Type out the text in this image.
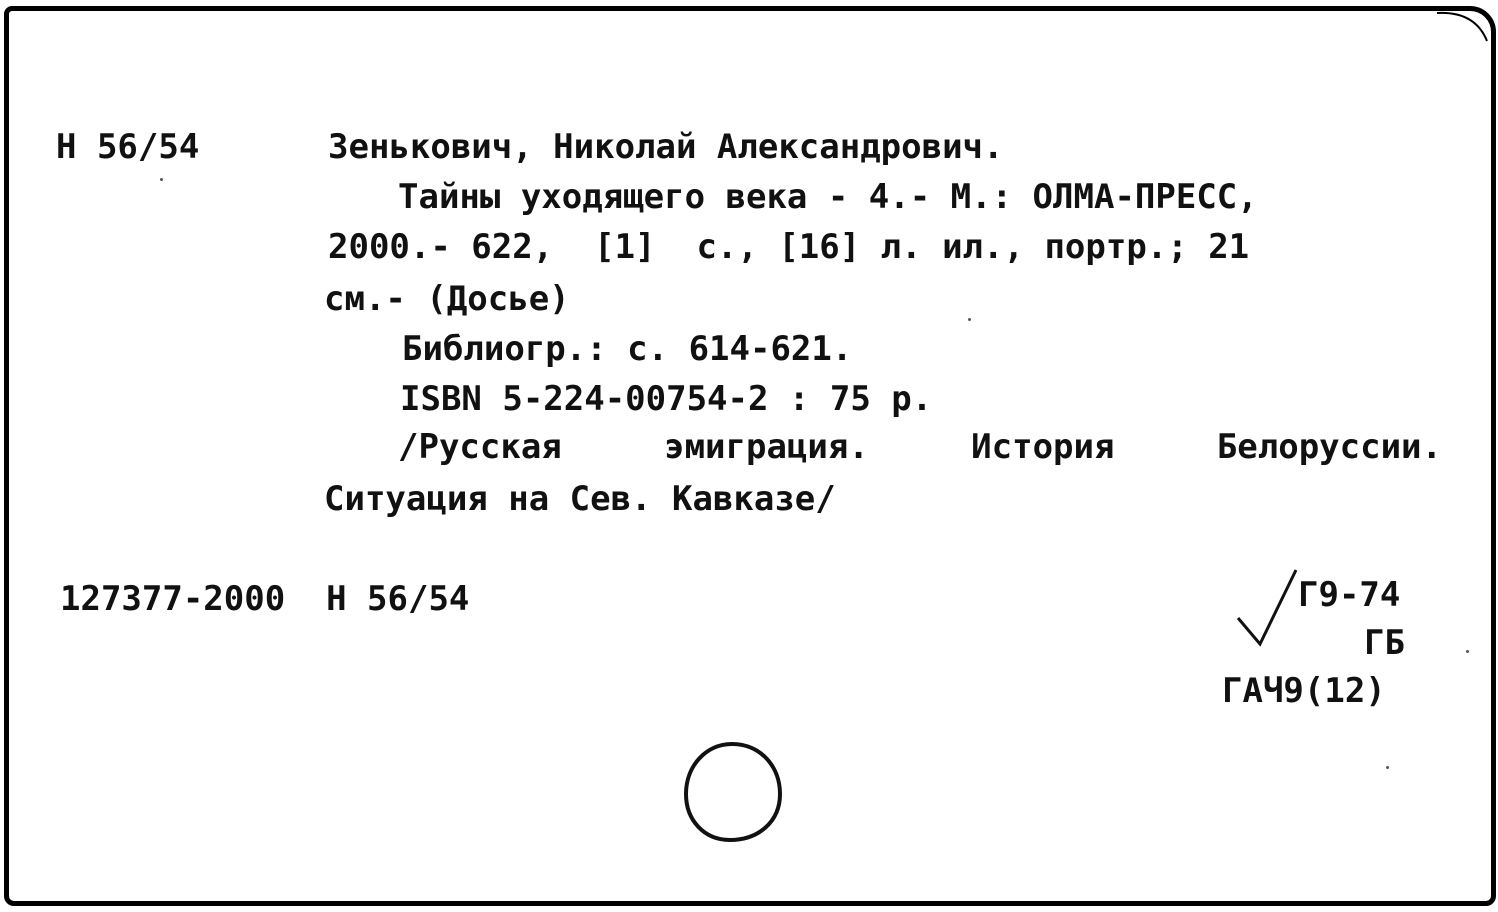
Н 56/54	Зенькович, Николай Александрович.
Тайны уходящего века - 4.- М.: ОЛМА-ПРЕСС,
2000.- 622,  [1]  с., [16] л. ил., портр.; 21
см.- (Досье)
Библиогр.: с. 614-621.
ISBN 5-224-00754-2 : 75 р.
/Русская эмиграция. История Белоруссии.
Ситуация на Сев. Кавказе/
127377-2000  Н 56/54	Г9-74
ГБ
ГАЧ9(12)
